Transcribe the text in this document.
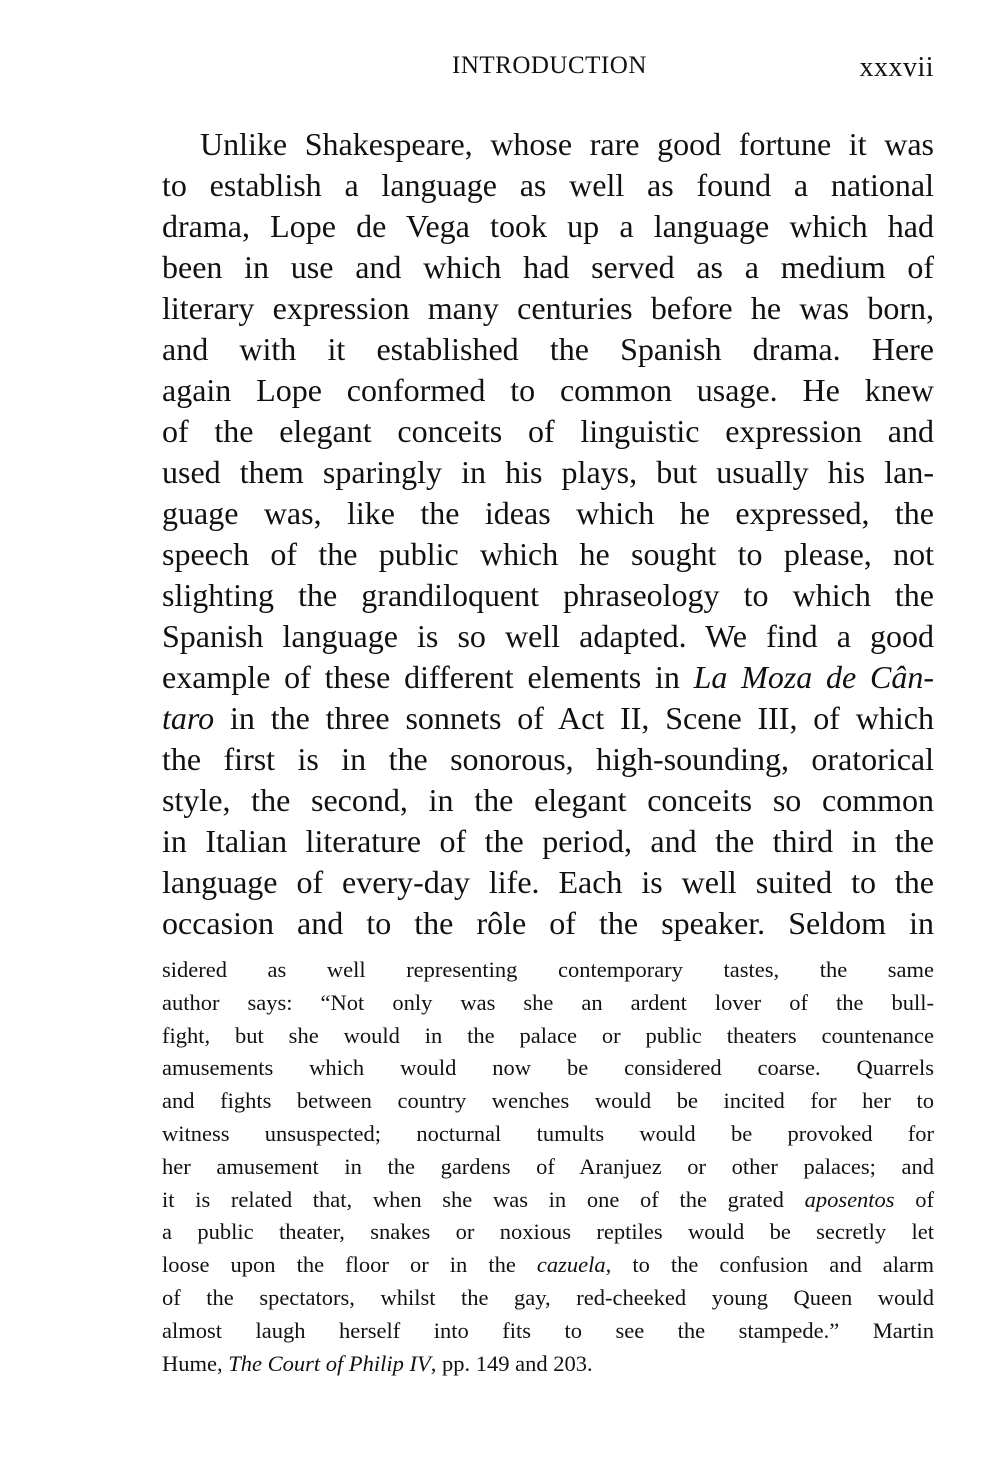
INTRODUCTION	xxxvii
Unlike Shakespeare, whose rare good fortune it was
to establish a language as well as found a national
drama, Lope de Vega took up a language which had
been in use and which had served as a medium of
literary expression many centuries before he was born,
and with it established the Spanish drama. Here
again Lope conformed to common usage. He knew
of the elegant conceits of linguistic expression and
used them sparingly in his plays, but usually his lan-
guage was, like the ideas which he expressed, the
speech of the public which he sought to please, not
slighting the grandiloquent phraseology to which the
Spanish language is so well adapted. We find a good
example of these different elements in La Moza de Cân-
taro in the three sonnets of Act II, Scene III, of which
the first is in the sonorous, high-sounding, oratorical
style, the second, in the elegant conceits so common
in Italian literature of the period, and the third in the
language of every-day life. Each is well suited to the
occasion and to the rôle of the speaker. Seldom in
sidered as well representing contemporary tastes, the same
author says: “Not only was she an ardent lover of the bull-
fight, but she would in the palace or public theaters countenance
amusements which would now be considered coarse. Quarrels
and fights between country wenches would be incited for her to
witness unsuspected; nocturnal tumults would be provoked for
her amusement in the gardens of Aranjuez or other palaces; and
it is related that, when she was in one of the grated aposentos of
a public theater, snakes or noxious reptiles would be secretly let
loose upon the floor or in the cazuela, to the confusion and alarm
of the spectators, whilst the gay, red-cheeked young Queen would
almost laugh herself into fits to see the stampede.” Martin
Hume, The Court of Philip IV, pp. 149 and 203.
